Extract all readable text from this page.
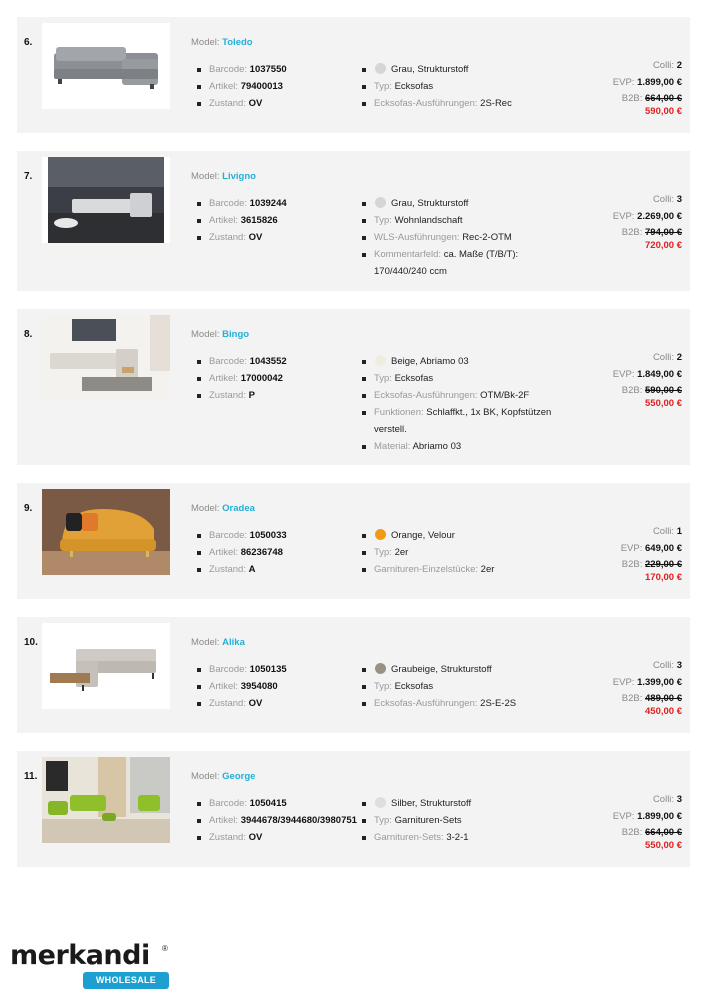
6.	Model: Toledo
Barcode: 1037550
Artikel: 79400013
Zustand: OV
Grau, Strukturstoff
Typ: Ecksofas
Ecksofas-Ausführungen: 2S-Rec
Colli: 2
EVP: 1.899,00 €
B2B: 664,00 €
590,00 €
7.	Model: Livigno
Barcode: 1039244
Artikel: 3615826
Zustand: OV
Grau, Strukturstoff
Typ: Wohnlandschaft
WLS-Ausführungen: Rec-2-OTM
Kommentarfeld: ca. Maße (T/B/T): 170/440/240 ccm
Colli: 3
EVP: 2.269,00 €
B2B: 794,00 €
720,00 €
8.	Model: Bingo
Barcode: 1043552
Artikel: 17000042
Zustand: P
Beige, Abriamo 03
Typ: Ecksofas
Ecksofas-Ausführungen: OTM/Bk-2F
Funktionen: Schlaffkt., 1x BK, Kopfstützen verstell.
Material: Abriamo 03
Colli: 2
EVP: 1.849,00 €
B2B: 590,00 €
550,00 €
9.	Model: Oradea
Barcode: 1050033
Artikel: 86236748
Zustand: A
Orange, Velour
Typ: 2er
Garnituren-Einzelstücke: 2er
Colli: 1
EVP: 649,00 €
B2B: 229,00 €
170,00 €
10.	Model: Alika
Barcode: 1050135
Artikel: 3954080
Zustand: OV
Graubeige, Strukturstoff
Typ: Ecksofas
Ecksofas-Ausführungen: 2S-E-2S
Colli: 3
EVP: 1.399,00 €
B2B: 489,00 €
450,00 €
11.	Model: George
Barcode: 1050415
Artikel: 3944678/3944680/3980751
Zustand: OV
Silber, Strukturstoff
Typ: Garnituren-Sets
Garnituren-Sets: 3-2-1
Colli: 3
EVP: 1.899,00 €
B2B: 664,00 €
550,00 €
merkandi ®
WHOLESALE
